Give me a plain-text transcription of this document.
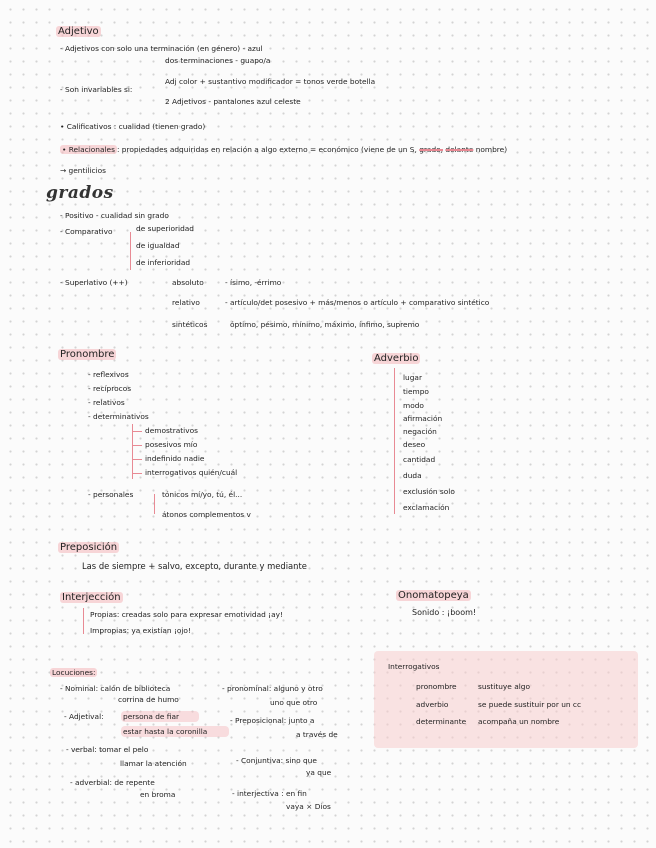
Adjetivo
- Adjetivos con solo una terminación (en género) - azul
dos terminaciones - guapo/a
- Son invariables si:
Adj color + sustantivo modificador = tonos verde botella
2 Adjetivos - pantalones azul celeste
• Calificativos : cualidad (tienen grado)
• Relacionales : propiedades adquiridas en relación a algo externo = económico (viene de un S, grado, delante nombre)
→ gentilicios
grados
- Positivo - cualidad sin grado
- Comparativo	de superioridad
de igualdad
de inferioridad
- Superlativo (++)	absoluto	- ísimo, -érrimo
relativo	- artículo/det posesivo + más/menos o artículo + comparativo sintético
sintéticos	óptimo, pésimo, mínimo, máximo, ínfimo, supremo
Pronombre
- reflexivos
- recíprocos
- relativos
- determinativos
demostrativos
posesivos mío
indefinido nadie
interrogativos quién/cuál
- personales	tónicos mí/yo, tú, él...
átonos complementos v
Adverbio
lugar
tiempo
modo
afirmación
negación
deseo
cantidad
duda
exclusión solo
exclamación
Preposición
Las de siempre + salvo, excepto, durante y mediante
Interjección
Propias: creadas solo para expresar emotividad ¡ay!
Impropias: ya existían ¡ojo!
Onomatopeya
Sonido : ¡boom!
Interrogativos
pronombre	sustituye algo
adverbio	se puede sustituir por un cc
determinante acompaña un nombre
Locuciones:
- Nominal: calón de biblioteca
corrina de humo
- pronominal: alguno y otro
uno que otro
- Adjetival:	persona de fiar
estar hasta la coronilla
- Preposicional: junto a
a través de
- verbal: tomar el pelo
llamar la atención	- Conjuntiva: sino que
ya que
- adverbial: de repente
en broma	- interjectiva : en fin
vaya × Dios
